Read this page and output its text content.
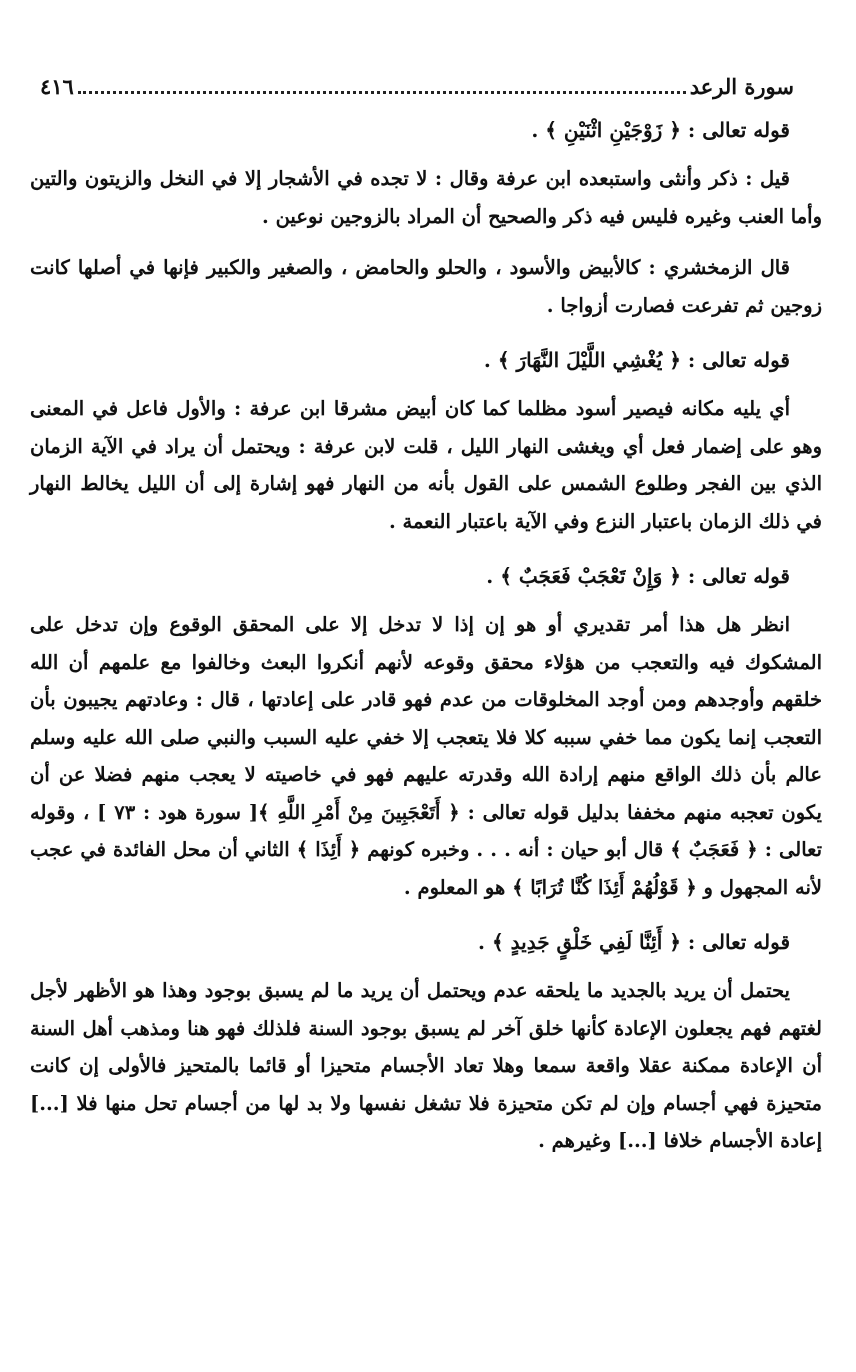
سورة الرعد
٤١٦
قوله تعالى : ﴿ زَوْجَيْنِ اثْنَيْنِ ﴾ .

قيل : ذكر وأنثى واستبعده ابن عرفة وقال : لا تجده في الأشجار إلا في النخل والزيتون والتين وأما العنب وغيره فليس فيه ذكر والصحيح أن المراد بالزوجين نوعين .

قال الزمخشري : كالأبيض والأسود ، والحلو والحامض ، والصغير والكبير فإنها في أصلها كانت زوجين ثم تفرعت فصارت أزواجا .

قوله تعالى : ﴿ يُغْشِي اللَّيْلَ النَّهَارَ ﴾ .

أي يليه مكانه فيصير أسود مظلما كما كان أبيض مشرقا ابن عرفة : والأول فاعل في المعنى وهو على إضمار فعل أي ويغشى النهار الليل ، قلت لابن عرفة : ويحتمل أن يراد في الآية الزمان الذي بين الفجر وطلوع الشمس على القول بأنه من النهار فهو إشارة إلى أن الليل يخالط النهار في ذلك الزمان باعتبار النزع وفي الآية باعتبار النعمة .

قوله تعالى : ﴿ وَإِنْ تَعْجَبْ فَعَجَبٌ ﴾ .

انظر هل هذا أمر تقديري أو هو إن إذا لا تدخل إلا على المحقق الوقوع وإن تدخل على المشكوك فيه والتعجب من هؤلاء محقق وقوعه لأنهم أنكروا البعث وخالفوا مع علمهم أن الله خلقهم وأوجدهم ومن أوجد المخلوقات من عدم فهو قادر على إعادتها ، قال : وعادتهم يجيبون بأن التعجب إنما يكون مما خفي سببه كلا فلا يتعجب إلا خفي عليه السبب والنبي صلى الله عليه وسلم عالم بأن ذلك الواقع منهم إرادة الله وقدرته عليهم فهو في خاصيته لا يعجب منهم فضلا عن أن يكون تعجبه منهم مخففا بدليل قوله تعالى : ﴿ أَتَعْجَبِينَ مِنْ أَمْرِ اللَّهِ ﴾[ سورة هود : ٧٣ ] ، وقوله تعالى : ﴿ فَعَجَبٌ ﴾ قال أبو حيان : أنه . . . وخبره كونهم ﴿ أَئِذَا ﴾ الثاني أن محل الفائدة في عجب لأنه المجهول و ﴿ قَوْلُهُمْ أَئِذَا كُنَّا تُرَابًا ﴾ هو المعلوم .

قوله تعالى : ﴿ أَئِنَّا لَفِي خَلْقٍ جَدِيدٍ ﴾ .

يحتمل أن يريد بالجديد ما يلحقه عدم ويحتمل أن يريد ما لم يسبق بوجود وهذا هو الأظهر لأجل لغتهم فهم يجعلون الإعادة كأنها خلق آخر لم يسبق بوجود السنة فلذلك فهو هنا ومذهب أهل السنة أن الإعادة ممكنة عقلا واقعة سمعا وهلا تعاد الأجسام متحيزا أو قائما بالمتحيز فالأولى إن كانت متحيزة فهي أجسام وإن لم تكن متحيزة فلا تشغل نفسها ولا بد لها من أجسام تحل منها فلا [...] إعادة الأجسام خلافا [...] وغيرهم .
